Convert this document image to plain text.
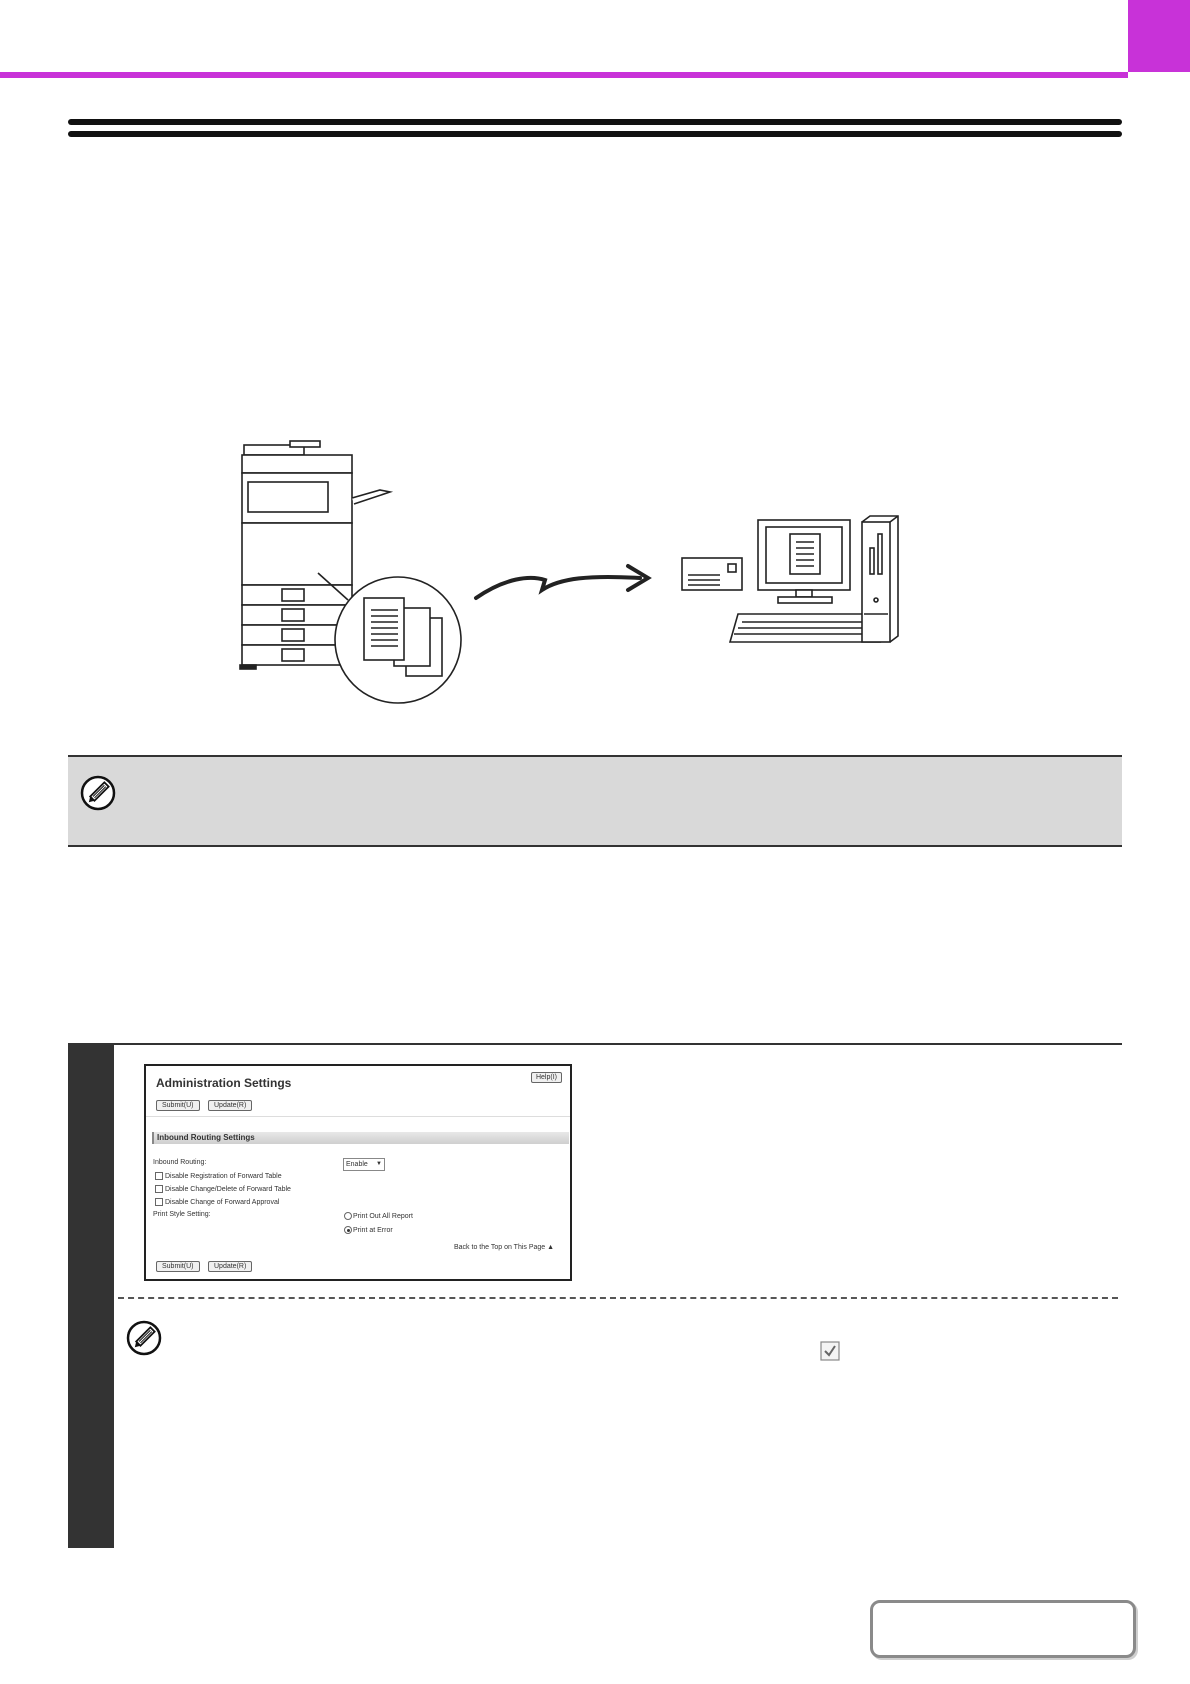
Administration Settings	Help(I)
Submit(U)	Update(R)
Inbound Routing Settings
Inbound Routing:	Enable ▼
Disable Registration of Forward Table
Disable Change/Delete of Forward Table
Disable Change of Forward Approval
Print Style Setting:	Print Out All Report
Print at Error
Back to the Top on This Page ▲
Submit(U)	Update(R)
